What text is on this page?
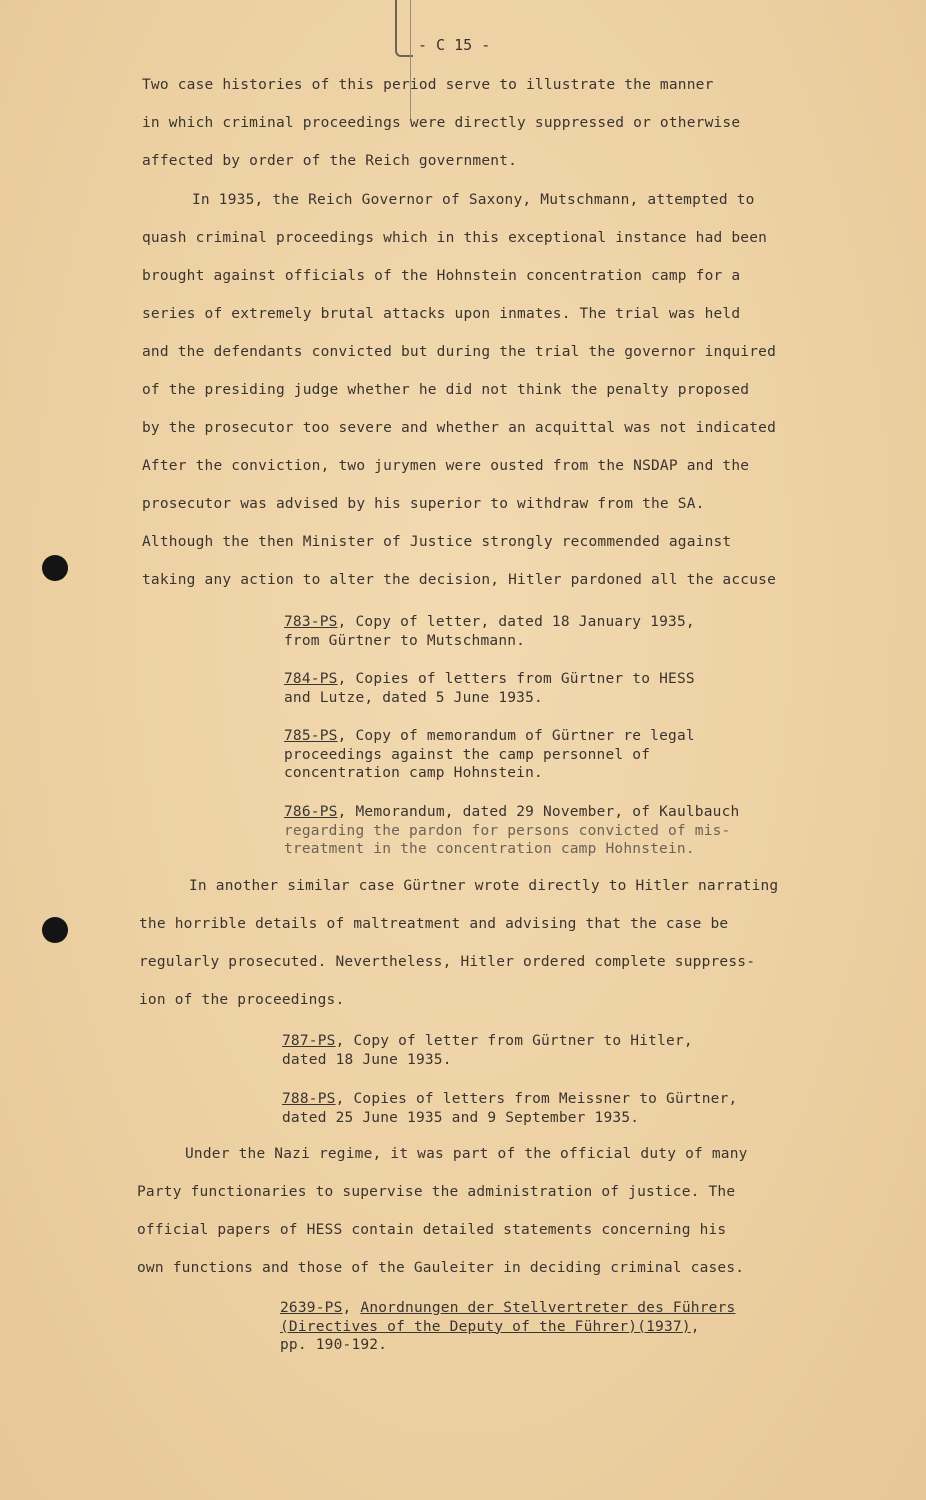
- C 15 -
Two case histories of this period serve to illustrate the manner
in which criminal proceedings were directly suppressed or otherwise
affected by order of the Reich government.
In 1935, the Reich Governor of Saxony, Mutschmann, attempted to
quash criminal proceedings which in this exceptional instance had been
brought against officials of the Hohnstein concentration camp for a
series of extremely brutal attacks upon inmates. The trial was held
and the defendants convicted but during the trial the governor inquired
of the presiding judge whether he did not think the penalty proposed
by the prosecutor too severe and whether an acquittal was not indicated
After the conviction, two jurymen were ousted from the NSDAP and the
prosecutor was advised by his superior to withdraw from the SA.
Although the then Minister of Justice strongly recommended against
taking any action to alter the decision, Hitler pardoned all the accuse
783-PS, Copy of letter, dated 18 January 1935,
from Gürtner to Mutschmann.
784-PS, Copies of letters from Gürtner to HESS
and Lutze, dated 5 June 1935.
785-PS, Copy of memorandum of Gürtner re legal
proceedings against the camp personnel of
concentration camp Hohnstein.
786-PS, Memorandum, dated 29 November, of Kaulbauch
regarding the pardon for persons convicted of mis-
treatment in the concentration camp Hohnstein.
In another similar case Gürtner wrote directly to Hitler narrating
the horrible details of maltreatment and advising that the case be
regularly prosecuted. Nevertheless, Hitler ordered complete suppress-
ion of the proceedings.
787-PS, Copy of letter from Gürtner to Hitler,
dated 18 June 1935.
788-PS, Copies of letters from Meissner to Gürtner,
dated 25 June 1935 and 9 September 1935.
Under the Nazi regime, it was part of the official duty of many
Party functionaries to supervise the administration of justice. The
official papers of HESS contain detailed statements concerning his
own functions and those of the Gauleiter in deciding criminal cases.
2639-PS, Anordnungen der Stellvertreter des Führers
(Directives of the Deputy of the Führer)(1937),
pp. 190-192.
